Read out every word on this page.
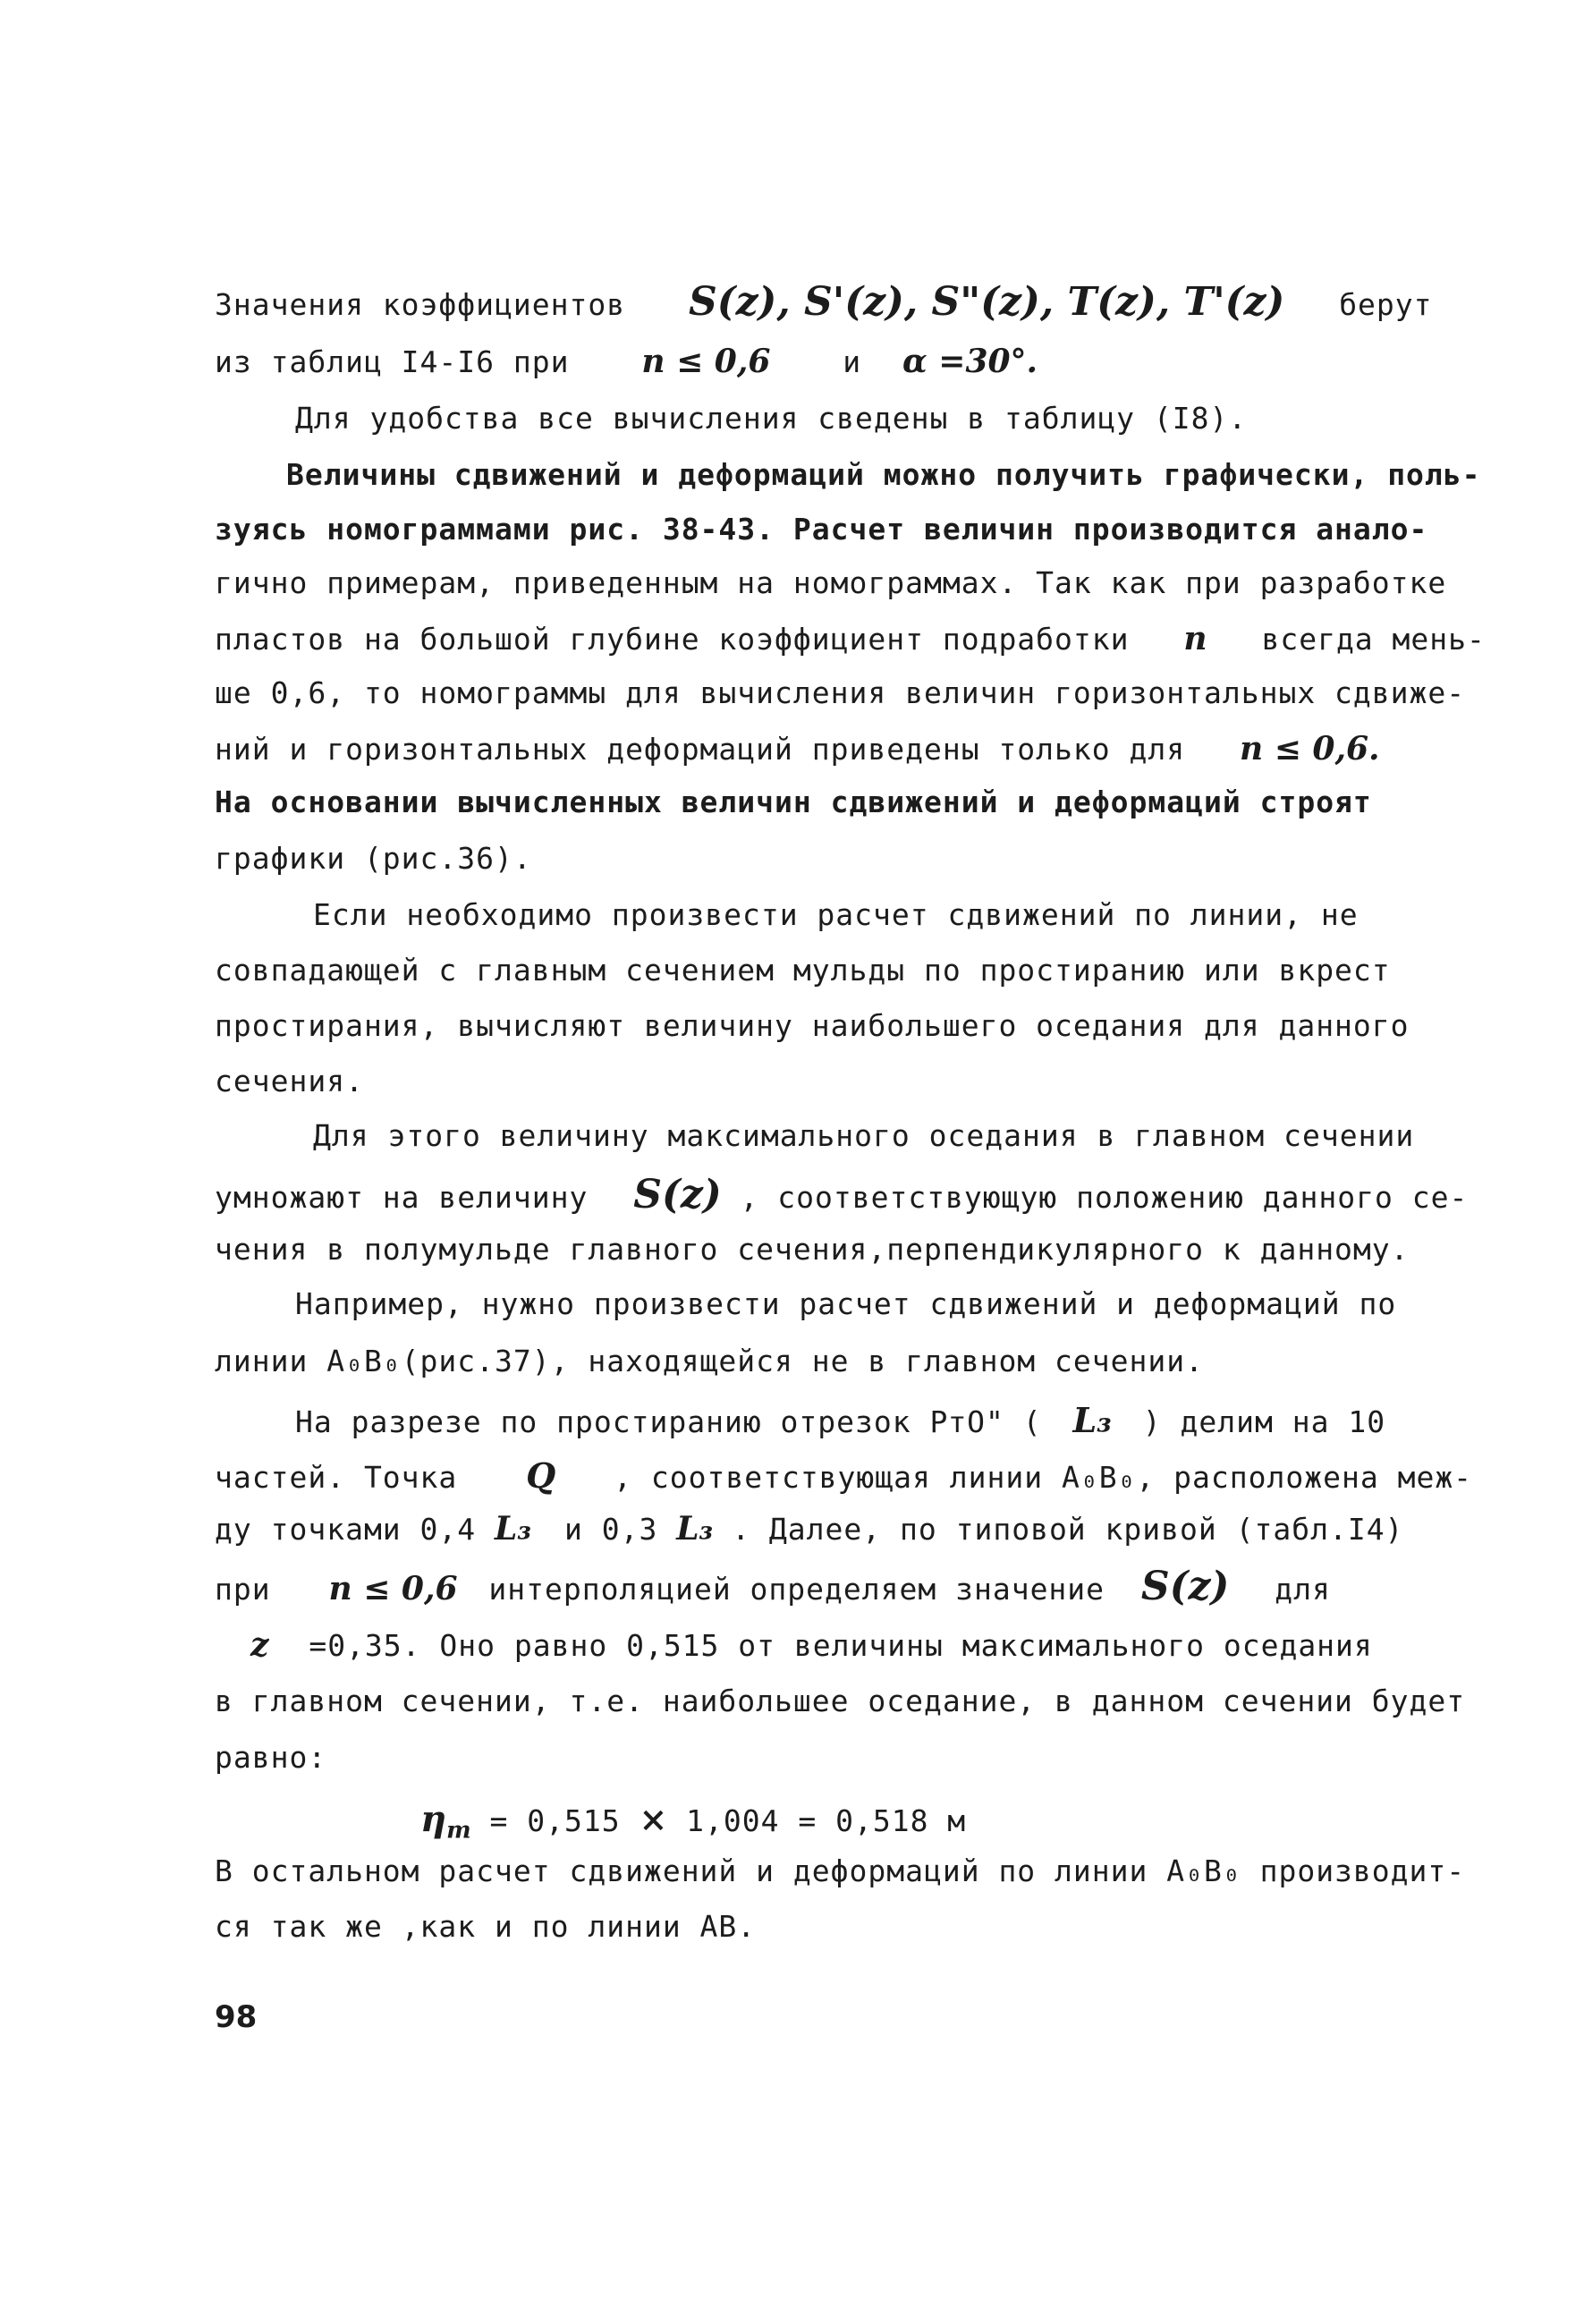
Значения коэффициентов S(z), S'(z), S"(z), T(z), T'(z) берут
из таблиц I4-I6 при n ≤ 0,6 и α =30°.
Для удобства все вычисления сведены в таблицу (I8).
Величины сдвижений и деформаций можно получить графически, поль-
зуясь номограммами рис. 38-43. Расчет величин производится анало-
гично примерам, приведенным на номограммах. Так как при разработке
пластов на большой глубине коэффициент подработки n всегда мень-
ше 0,6, то номограммы для вычисления величин горизонтальных сдвиже-
ний и горизонтальных деформаций приведены только для n ≤ 0,6.
На основании вычисленных величин сдвижений и деформаций строят
графики (рис.36).
Если необходимо произвести расчет сдвижений по линии, не
совпадающей с главным сечением мульды по простиранию или вкрест
простирания, вычисляют величину наибольшего оседания для данного
сечения.
Для этого величину максимального оседания в главном сечении
умножают на величину S(z) , соответствующую положению данного се-
чения в полумульде главного сечения,перпендикулярного к данному.
Например, нужно произвести расчет сдвижений и деформаций по
линии A₀B₀(рис.37), находящейся не в главном сечении.
На разрезе по простиранию отрезок PᴛO" ( L₃ ) делим на 10
частей. Точка Q , соответствующая линии A₀B₀, расположена меж-
ду точками 0,4 L₃ и 0,3 L₃ . Далее, по типовой кривой (табл.I4)
при n ≤ 0,6 интерполяцией определяем значение S(z) для
z =0,35. Оно равно 0,515 от величины максимального оседания
в главном сечении, т.е. наибольшее оседание, в данном сечении будет
равно:
$\eta_m = 0,515 \times 1,004 = 0,518$ м
В остальном расчет сдвижений и деформаций по линии A₀B₀ производит-
ся так же ,как и по линии AB.
98
